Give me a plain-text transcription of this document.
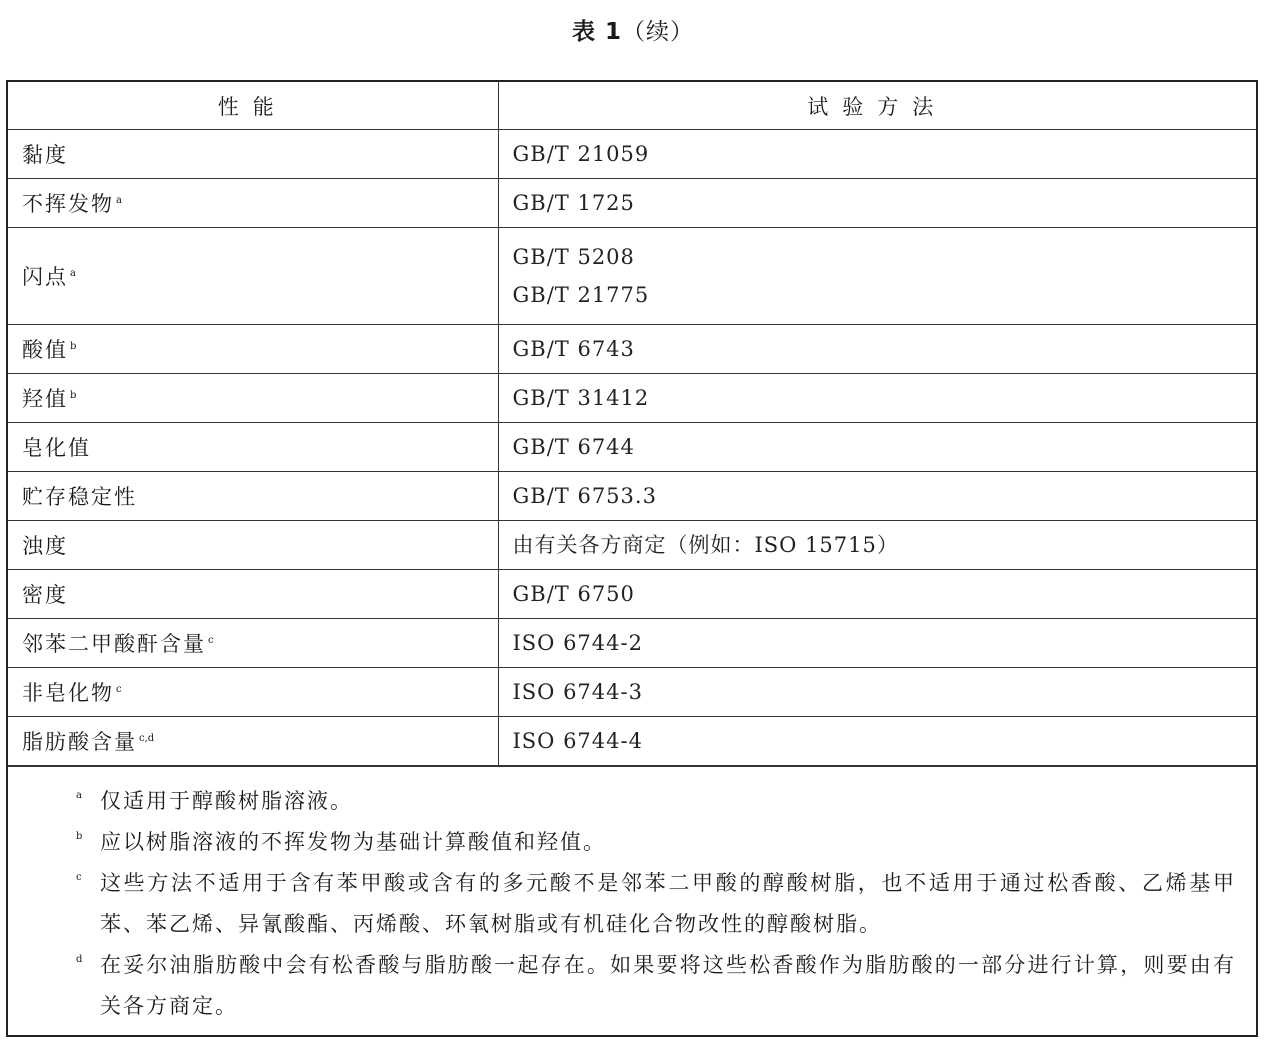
表 1（续）
性能	试验方法
黏度	GB/T 21059

不挥发物 $^a$	GB/T 1725

闪点 $^a$	GB/T 5208
GB/T 21775

酸值 $^b$	GB/T 6743

羟值 $^b$	GB/T 31412

皂化值	GB/T 6744

贮存稳定性	GB/T 6753.3

浊度	由有关各方商定（例如：ISO 15715）

密度	GB/T 6750

邻苯二甲酸酐含量 $^c$	ISO 6744-2

非皂化物 $^c$	ISO 6744-3

脂肪酸含量 $^{c,d}$	ISO 6744-4
a 仅适用于醇酸树脂溶液。
b 应以树脂溶液的不挥发物为基础计算酸值和羟值。
c 这些方法不适用于含有苯甲酸或含有的多元酸不是邻苯二甲酸的醇酸树脂，也不适用于通过松香酸、乙烯基甲苯、苯乙烯、异氰酸酯、丙烯酸、环氧树脂或有机硅化合物改性的醇酸树脂。
d 在妥尔油脂肪酸中会有松香酸与脂肪酸一起存在。如果要将这些松香酸作为脂肪酸的一部分进行计算，则要由有关各方商定。
